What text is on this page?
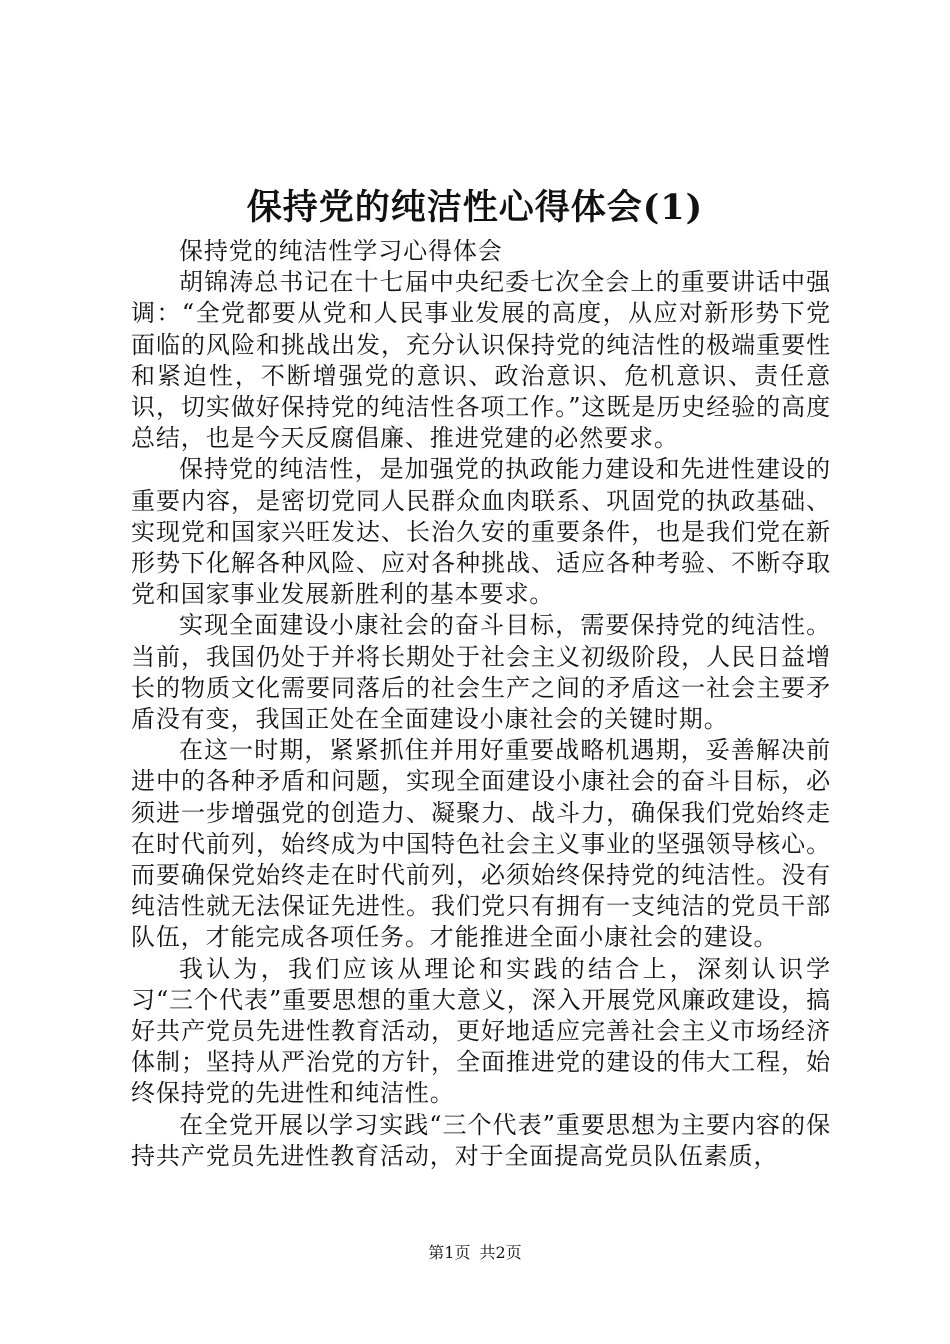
保持党的纯洁性心得体会(1)

保持党的纯洁性学习心得体会

胡锦涛总书记在十七届中央纪委七次全会上的重要讲话中强调：“全党都要从党和人民事业发展的高度，从应对新形势下党面临的风险和挑战出发，充分认识保持党的纯洁性的极端重要性和紧迫性，不断增强党的意识、政治意识、危机意识、责任意识，切实做好保持党的纯洁性各项工作。”这既是历史经验的高度总结，也是今天反腐倡廉、推进党建的必然要求。

保持党的纯洁性，是加强党的执政能力建设和先进性建设的重要内容，是密切党同人民群众血肉联系、巩固党的执政基础、实现党和国家兴旺发达、长治久安的重要条件，也是我们党在新形势下化解各种风险、应对各种挑战、适应各种考验、不断夺取党和国家事业发展新胜利的基本要求。

实现全面建设小康社会的奋斗目标，需要保持党的纯洁性。当前，我国仍处于并将长期处于社会主义初级阶段，人民日益增长的物质文化需要同落后的社会生产之间的矛盾这一社会主要矛盾没有变，我国正处在全面建设小康社会的关键时期。

在这一时期，紧紧抓住并用好重要战略机遇期，妥善解决前进中的各种矛盾和问题，实现全面建设小康社会的奋斗目标，必须进一步增强党的创造力、凝聚力、战斗力，确保我们党始终走在时代前列，始终成为中国特色社会主义事业的坚强领导核心。而要确保党始终走在时代前列，必须始终保持党的纯洁性。没有纯洁性就无法保证先进性。我们党只有拥有一支纯洁的党员干部队伍，才能完成各项任务。才能推进全面小康社会的建设。

我认为，我们应该从理论和实践的结合上，深刻认识学习“三个代表”重要思想的重大意义，深入开展党风廉政建设，搞好共产党员先进性教育活动，更好地适应完善社会主义市场经济体制；坚持从严治党的方针，全面推进党的建设的伟大工程，始终保持党的先进性和纯洁性。

在全党开展以学习实践“三个代表”重要思想为主要内容的保持共产党员先进性教育活动，对于全面提高党员队伍素质，

第1页 共2页
